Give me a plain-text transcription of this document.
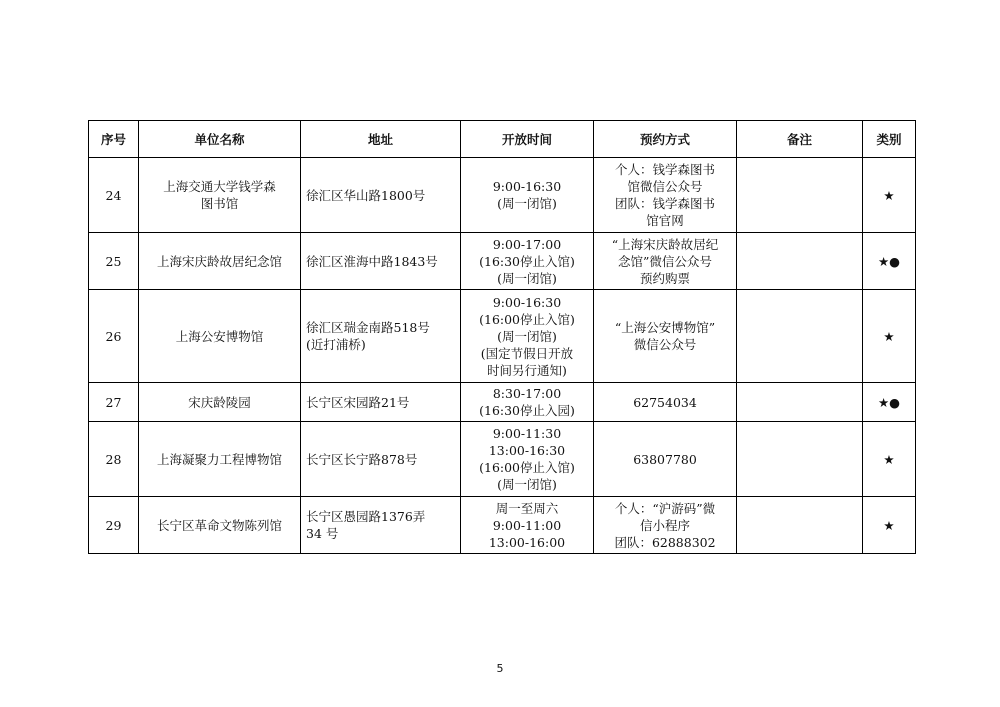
序号	单位名称	地址	开放时间	预约方式	备注	类别
24	上海交通大学钱学森
图书馆	徐汇区华山路1800号	9:00-16:30
(周一闭馆)	个人：钱学森图书
馆微信公众号
团队：钱学森图书
馆官网		★
25	上海宋庆龄故居纪念馆	徐汇区淮海中路1843号	9:00-17:00
(16:30停止入馆)
(周一闭馆)	“上海宋庆龄故居纪
念馆”微信公众号
预约购票		★●
26	上海公安博物馆	徐汇区瑞金南路518号
(近打浦桥)	9:00-16:30
(16:00停止入馆)
(周一闭馆)
(国定节假日开放
时间另行通知)	“上海公安博物馆”
微信公众号		★
27	宋庆龄陵园	长宁区宋园路21号	8:30-17:00
(16:30停止入园)	62754034		★●
28	上海凝聚力工程博物馆	长宁区长宁路878号	9:00-11:30
13:00-16:30
(16:00停止入馆)
(周一闭馆)	63807780		★
29	长宁区革命文物陈列馆	长宁区愚园路1376弄
34 号	周一至周六
9:00-11:00
13:00-16:00	个人：“沪游码”微
信小程序
团队：62888302		★
5
